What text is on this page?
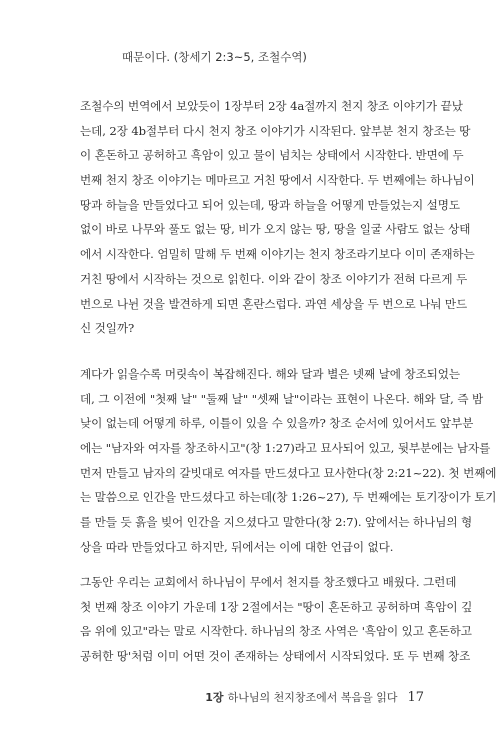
때문이다. (창세기 2:3~5, 조철수역)
조철수의 번역에서 보았듯이 1장부터 2장 4a절까지 천지 창조 이야기가 끝났
는데, 2장 4b절부터 다시 천지 창조 이야기가 시작된다. 앞부분 천지 창조는 땅
이 혼돈하고 공허하고 흑암이 있고 물이 넘치는 상태에서 시작한다. 반면에 두
번째 천지 창조 이야기는 메마르고 거친 땅에서 시작한다. 두 번째에는 하나님이
땅과 하늘을 만들었다고 되어 있는데, 땅과 하늘을 어떻게 만들었는지 설명도
없이 바로 나무와 풀도 없는 땅, 비가 오지 않는 땅, 땅을 일굴 사람도 없는 상태
에서 시작한다. 엄밀히 말해 두 번째 이야기는 천지 창조라기보다 이미 존재하는
거친 땅에서 시작하는 것으로 읽힌다. 이와 같이 창조 이야기가 전혀 다르게 두
번으로 나뉜 것을 발견하게 되면 혼란스럽다. 과연 세상을 두 번으로 나눠 만드
신 것일까?
계다가 읽을수록 머릿속이 복잡해진다. 해와 달과 별은 넷째 날에 창조되었는
데, 그 이전에 "첫째 날" "둘째 날" "셋째 날"이라는 표현이 나온다. 해와 달, 즉 밤
낮이 없는데 어떻게 하루, 이틀이 있을 수 있을까? 창조 순서에 있어서도 앞부분
에는 "남자와 여자를 창조하시고"(창 1:27)라고 묘사되어 있고, 뒷부분에는 남자를
먼저 만들고 남자의 갈빗대로 여자를 만드셨다고 묘사한다(창 2:21~22). 첫 번째에
는 말씀으로 인간을 만드셨다고 하는데(창 1:26~27), 두 번째에는 토기장이가 토기
를 만들 듯 흙을 빚어 인간을 지으셨다고 말한다(창 2:7). 앞에서는 하나님의 형
상을 따라 만들었다고 하지만, 뒤에서는 이에 대한 언급이 없다.
그동안 우리는 교회에서 하나님이 무에서 천지를 창조했다고 배웠다. 그런데
첫 번째 창조 이야기 가운데 1장 2절에서는 "땅이 혼돈하고 공허하며 흑암이 깊
음 위에 있고"라는 말로 시작한다. 하나님의 창조 사역은 '흑암이 있고 혼돈하고
공허한 땅'처럼 이미 어떤 것이 존재하는 상태에서 시작되었다. 또 두 번째 창조
1장 하나님의 천지창조에서 복음을 읽다 17
